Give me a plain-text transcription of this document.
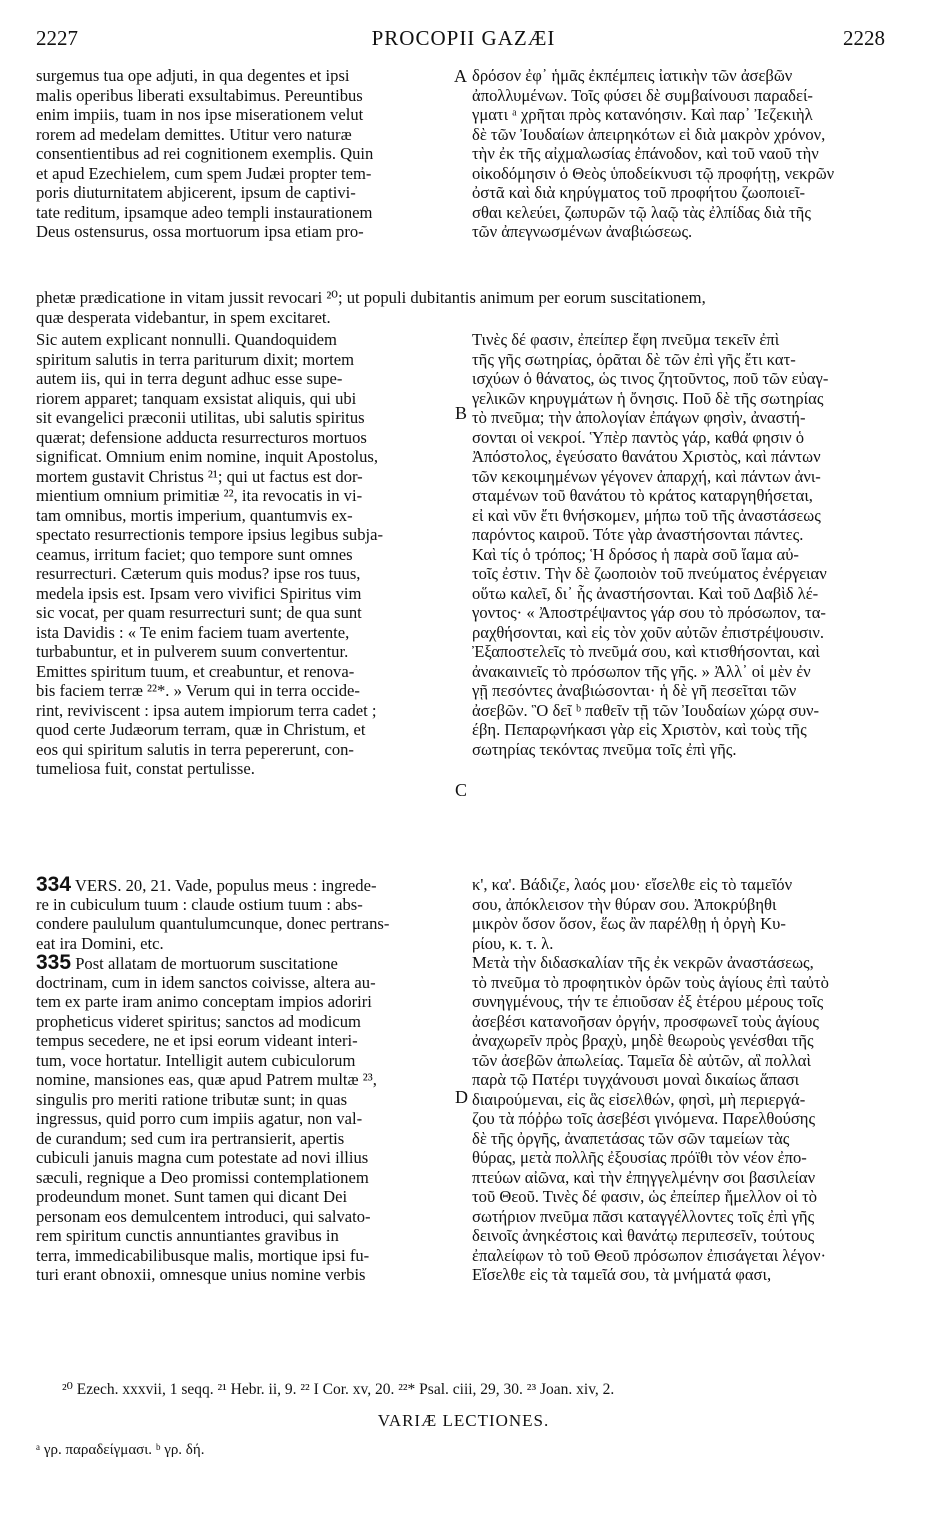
2227	PROCOPII GAZÆI	2228
surgemus tua ope adjuti, in qua degentes et ipsi
malis operibus liberati exsultabimus. Pereuntibus
enim impiis, tuam in nos ipse miserationem velut
rorem ad medelam demittes. Utitur vero naturæ
consentientibus ad rei cognitionem exemplis. Quin
et apud Ezechielem, cum spem Judæi propter tem-
poris diuturnitatem abjicerent, ipsum de captivi-
tate reditum, ipsamque adeo templi instaurationem
Deus ostensurus, ossa mortuorum ipsa etiam pro-
A δρόσον ἐφ᾽ ἡμᾶς ἐκπέμπεις ἰατικὴν τῶν ἀσεβῶν
ἀπολλυμένων. Τοῖς φύσει δὲ συμβαίνουσι παραδεί-
γματι ᵃ χρῆται πρὸς κατανόησιν. Καὶ παρ᾽ Ἰεζεκιὴλ
δὲ τῶν Ἰουδαίων ἀπειρηκότων εἰ διὰ μακρὸν χρόνον,
τὴν ἐκ τῆς αἰχμαλωσίας ἐπάνοδον, καὶ τοῦ ναοῦ τὴν
οἰκοδόμησιν ὁ Θεὸς ὑποδείκνυσι τῷ προφήτῃ, νεκρῶν
ὀστᾶ καὶ διὰ κηρύγματος τοῦ προφήτου ζωοποιεῖ-
σθαι κελεύει, ζωπυρῶν τῷ λαῷ τὰς ἐλπίδας διὰ τῆς
τῶν ἀπεγνωσμένων ἀναβιώσεως.
phetæ prædicatione in vitam jussit revocari ²⁰; ut populi dubitantis animum per eorum suscitationem,
quæ desperata videbantur, in spem excitaret.
Sic autem explicant nonnulli. Quandoquidem
spiritum salutis in terra pariturum dixit; mortem
autem iis, qui in terra degunt adhuc esse supe-
riorem apparet; tanquam exsistat aliquis, qui ubi
sit evangelici præconii utilitas, ubi salutis spiritus
quærat; defensione adducta resurrecturos mortuos
significat. Omnium enim nomine, inquit Apostolus,
mortem gustavit Christus ²¹; qui ut factus est dor-
mientium omnium primitiæ ²², ita revocatis in vi-
tam omnibus, mortis imperium, quantumvis ex-
spectato resurrectionis tempore ipsius legibus subja-
ceamus, irritum faciet; quo tempore sunt omnes
resurrecturi. Cæterum quis modus? ipse ros tuus,
medela ipsis est. Ipsam vero vivifici Spiritus vim
sic vocat, per quam resurrecturi sunt; de qua sunt
ista Davidis : « Te enim faciem tuam avertente,
turbabuntur, et in pulverem suum convertentur.
Emittes spiritum tuum, et creabuntur, et renova-
bis faciem terræ ²²*. » Verum qui in terra occide-
rint, reviviscent : ipsa autem impiorum terra cadet ;
quod certe Judæorum terram, quæ in Christum, et
eos qui spiritum salutis in terra pepererunt, con-
tumeliosa fuit, constat pertulisse.
B
Τινὲς δέ φασιν, ἐπείπερ ἔφη πνεῦμα τεκεῖν ἐπὶ
τῆς γῆς σωτηρίας, ὁρᾶται δὲ τῶν ἐπὶ γῆς ἔτι κατ-
ισχύων ὁ θάνατος, ὡς τινος ζητοῦντος, ποῦ τῶν εὐαγ-
γελικῶν κηρυγμάτων ἡ ὄνησις. Ποῦ δὲ τῆς σωτηρίας
τὸ πνεῦμα; τὴν ἀπολογίαν ἐπάγων φησὶν, ἀναστή-
σονται οἱ νεκροί. Ὑπὲρ παντὸς γάρ, καθά φησιν ὁ
Ἀπόστολος, ἐγεύσατο θανάτου Χριστὸς, καὶ πάντων
τῶν κεκοιμημένων γέγονεν ἀπαρχή, καὶ πάντων ἀνι-
σταμένων τοῦ θανάτου τὸ κράτος καταργηθήσεται,
εἰ καὶ νῦν ἔτι θνήσκομεν, μήπω τοῦ τῆς ἀναστάσεως
παρόντος καιροῦ. Τότε γὰρ ἀναστήσονται πάντες.
Καὶ τίς ὁ τρόπος; Ἡ δρόσος ἡ παρὰ σοῦ ἴαμα αὐ-
τοῖς ἐστιν. Τὴν δὲ ζωοποιὸν τοῦ πνεύματος ἐνέργειαν
οὕτω καλεῖ, δι᾽ ἧς ἀναστήσονται. Καὶ τοῦ Δαβὶδ λέ-
γοντος· « Ἀποστρέψαντος γάρ σου τὸ πρόσωπον, τα-
ραχθήσονται, καὶ εἰς τὸν χοῦν αὐτῶν ἐπιστρέψουσιν.
Ἐξαποστελεῖς τὸ πνεῦμά σου, καὶ κτισθήσονται, καὶ
ἀνακαινιεῖς τὸ πρόσωπον τῆς γῆς. » Ἀλλ᾽ οἱ μὲν ἐν
γῇ πεσόντες ἀναβιώσονται· ἡ δὲ γῆ πεσεῖται τῶν
ἀσεβῶν. Ὃ δεῖ ᵇ παθεῖν τῇ τῶν Ἰουδαίων χώρᾳ συν-
έβη. Πεπαρῳνήκασι γὰρ εἰς Χριστὸν, καὶ τοὺς τῆς
σωτηρίας τεκόντας πνεῦμα τοῖς ἐπὶ γῆς.
C
334 VERS. 20, 21. Vade, populus meus : ingrede-
re in cubiculum tuum : claude ostium tuum : abs-
condere paululum quantulumcunque, donec pertrans-
eat ira Domini, etc.
335 Post allatam de mortuorum suscitatione
doctrinam, cum in idem sanctos coivisse, altera au-
tem ex parte iram animo conceptam impios adoriri
propheticus videret spiritus; sanctos ad modicum
tempus secedere, ne et ipsi eorum videant interi-
tum, voce hortatur. Intelligit autem cubiculorum
nomine, mansiones eas, quæ apud Patrem multæ ²³,
singulis pro meriti ratione tributæ sunt; in quas
ingressus, quid porro cum impiis agatur, non val-
de curandum; sed cum ira pertransierit, apertis
cubiculi januis magna cum potestate ad novi illius
sæculi, regnique a Deo promissi contemplationem
prodeundum monet. Sunt tamen qui dicant Dei
personam eos demulcentem introduci, qui salvato-
rem spiritum cunctis annuntiantes gravibus in
terra, immedicabilibusque malis, mortique ipsi fu-
turi erant obnoxii, omnesque unius nomine verbis
D
κ', κα'. Βάδιζε, λαός μου· εἴσελθε εἰς τὸ ταμεῖόν
σου, ἀπόκλεισον τὴν θύραν σου. Ἀποκρύβηθι
μικρὸν ὅσον ὅσον, ἕως ἂν παρέλθῃ ἡ ὀργὴ Κυ-
ρίου, κ. τ. λ.
Μετὰ τὴν διδασκαλίαν τῆς ἐκ νεκρῶν ἀναστάσεως,
τὸ πνεῦμα τὸ προφητικὸν ὁρῶν τοὺς ἁγίους ἐπὶ ταὐτὸ
συνηγμένους, τήν τε ἐπιοῦσαν ἐξ ἑτέρου μέρους τοῖς
ἀσεβέσι κατανοῆσαν ὀργήν, προσφωνεῖ τοὺς ἁγίους
ἀναχωρεῖν πρὸς βραχὺ, μηδὲ θεωροὺς γενέσθαι τῆς
τῶν ἀσεβῶν ἀπωλείας. Ταμεῖα δὲ αὐτῶν, αἳ πολλαὶ
παρὰ τῷ Πατέρι τυγχάνουσι μοναὶ δικαίως ἅπασι
διαιρούμεναι, εἰς ἃς εἰσελθών, φησὶ, μὴ περιεργά-
ζου τὰ πόῤῥω τοῖς ἀσεβέσι γινόμενα. Παρελθούσης
δὲ τῆς ὀργῆς, ἀναπετάσας τῶν σῶν ταμείων τὰς
θύρας, μετὰ πολλῆς ἐξουσίας πρόϊθι τὸν νέον ἐπο-
πτεύων αἰῶνα, καὶ τὴν ἐπηγγελμένην σοι βασιλείαν
τοῦ Θεοῦ. Τινὲς δέ φασιν, ὡς ἐπείπερ ἤμελλον οἱ τὸ
σωτήριον πνεῦμα πᾶσι καταγγέλλοντες τοῖς ἐπὶ γῆς
δεινοῖς ἀνηκέστοις καὶ θανάτῳ περιπεσεῖν, τούτους
ἐπαλείφων τὸ τοῦ Θεοῦ πρόσωπον ἐπισάγεται λέγον·
Εἴσελθε εἰς τὰ ταμεῖά σου, τὰ μνήματά φασι,
²⁰ Ezech. xxxvii, 1 seqq. ²¹ Hebr. ii, 9. ²² I Cor. xv, 20. ²²* Psal. ciii, 29, 30. ²³ Joan. xiv, 2.
VARIÆ LECTIONES.
ᵃ γρ. παραδείγμασι. ᵇ γρ. δή.
